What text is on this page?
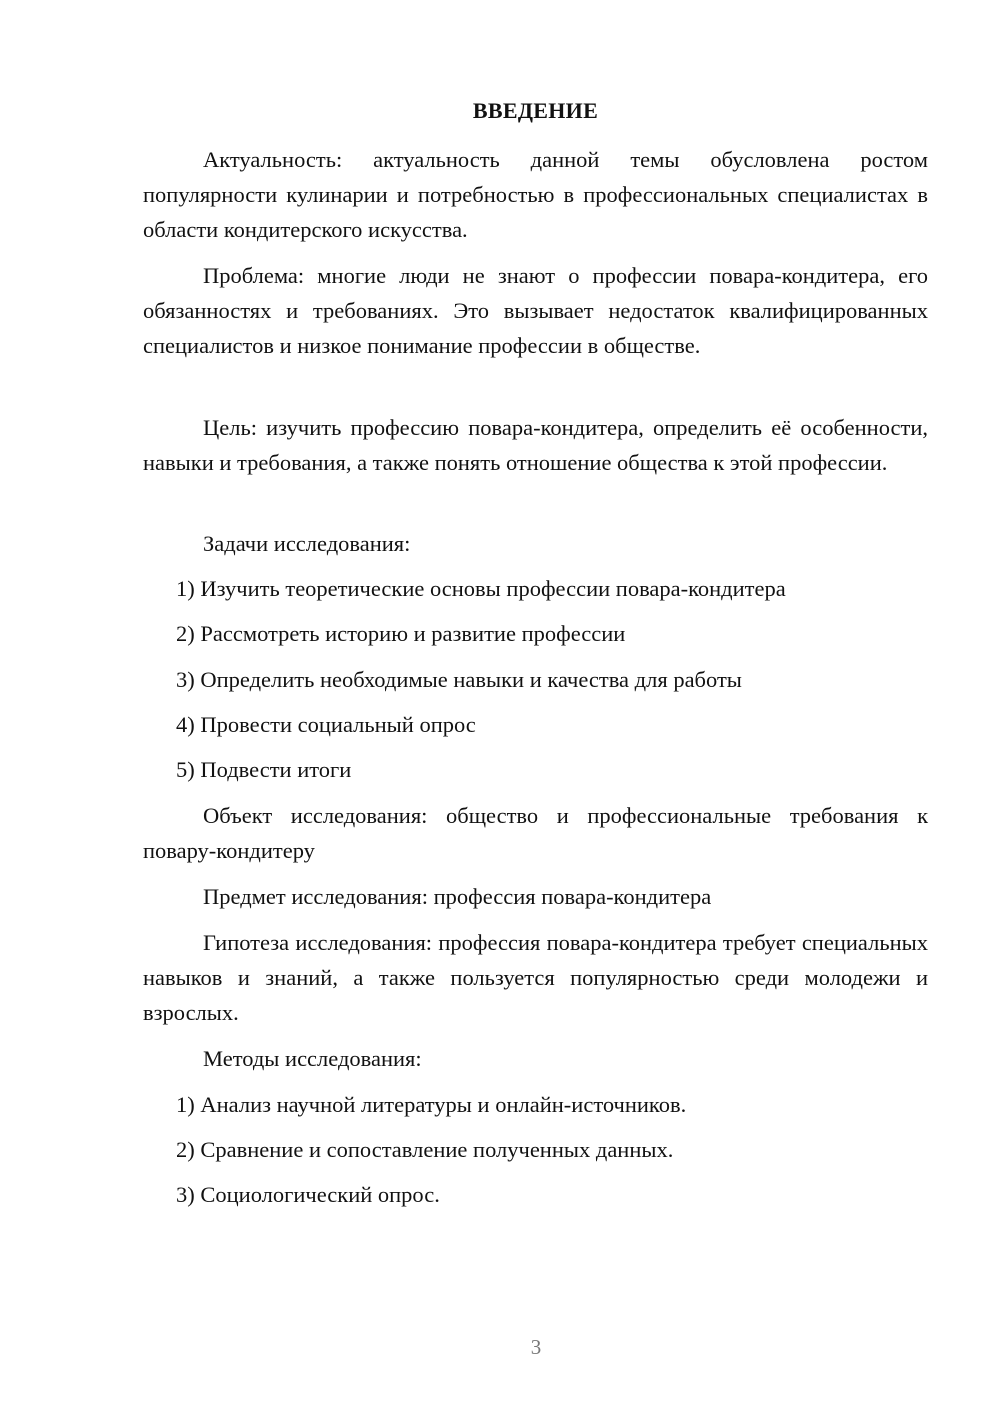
ВВЕДЕНИЕ

Актуальность: актуальность данной темы обусловлена ростом популярности кулинарии и потребностью в профессиональных специалистах в области кондитерского искусства.

Проблема: многие люди не знают о профессии повара-кондитера, его обязанностях и требованиях. Это вызывает недостаток квалифицированных специалистов и низкое понимание профессии в обществе.

Цель: изучить профессию повара-кондитера, определить её особенности, навыки и требования, а также понять отношение общества к этой профессии.

Задачи исследования:

1) Изучить теоретические основы профессии повара-кондитера

2) Рассмотреть историю и развитие профессии

3) Определить необходимые навыки и качества для работы

4) Провести социальный опрос

5) Подвести итоги

Объект исследования: общество и профессиональные требования к повару-кондитеру

Предмет исследования: профессия повара-кондитера

Гипотеза исследования: профессия повара-кондитера требует специальных навыков и знаний, а также пользуется популярностью среди молодежи и взрослых.

Методы исследования:

1) Анализ научной литературы и онлайн-источников.

2) Сравнение и сопоставление полученных данных.

3) Социологический опрос.

3
